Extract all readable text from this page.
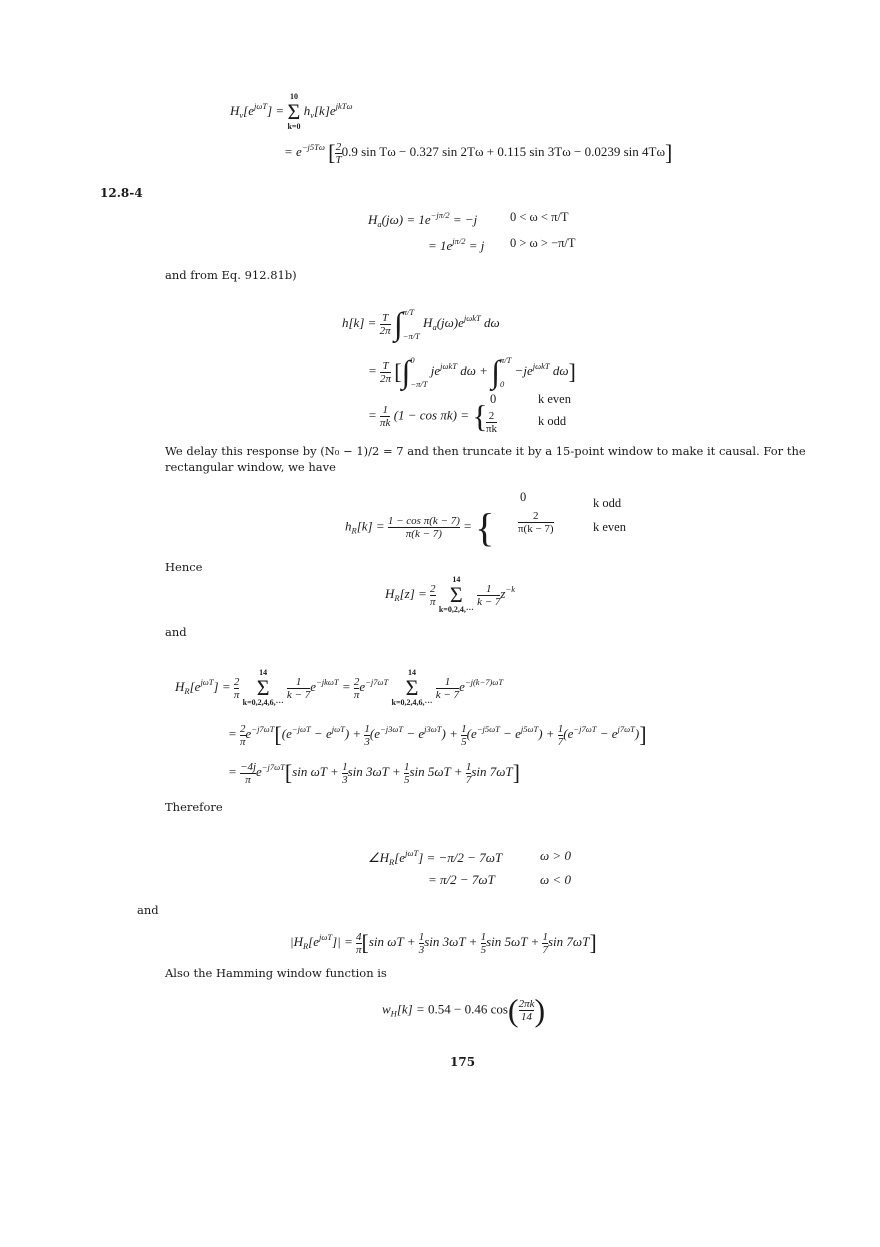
$H_v[e^{j\omega T}]$ =
10
Σ
k=0
$h_v[k]e^{jkT\omega}$
= $e^{-j5T\omega}$ [ $\frac{2}{T} 0.9$ sin Tω − 0.327 sin 2Tω + 0.115 sin 3Tω − 0.0239 sin 4Tω]
12.8-4
$H_a(j\omega) = 1e^{-j\pi/2} = -j$	0 < ω < π/T
= $1e^{j\pi/2} = j$ 0 > ω > −π/T
and from Eq. 912.81b)
$h[k] = \frac{T}{2\pi} \int\pi/T$
−π/T $H_a(j\omega)e^{j\omega kT}$ dω
= $\frac{T}{2\pi} [\int 0$
−π/T $je^{j\omega kT}$ dω + ∫π/T
$0 -je^{j\omega kT}$ dω]
= $\frac{1}{\pi k} (1 - \cos \pi k)$ = { 0	k even
$\frac{2}{\pi k}$	k odd
We delay this response by (N₀ − 1)/2 = 7 and then truncate it by a 15-point window to make it causal. For the
rectangular window, we have
$h_R[k] = \frac{\text{1 − cos π(k − 7)}}{\pi(k - 7)}$ = {
0	k odd
$\frac{2}{\pi(k - 7)}$	k even
Hence
$H_R[z] = \frac{2}{\pi}$

14
Σ
k=0,2,4,···

$\frac{1}{k - 7} z^{-k}$
and
$H_R[e^{j\omega T}] = \frac{2}{\pi}$

14
Σ
k=0,2,4,6,···

$\frac{1}{k - 7} e^{-jk\omega T} = \frac{2}{\pi} e^{-j7\omega T}$
14
Σ
k=0,2,4,6,···

$\frac{1}{k - 7} e^{-j(k-7)\omega T}$
= $\frac{2}{\pi} e^{-j7\omega T}[(e^{-j\omega T} - e^{j\omega T}) + \frac{1}{3} (e^{-j3\omega T} - e^{j3\omega T}) + \frac{1}{5} (e^{-j5\omega T} - e^{j5\omega T}) + \frac{1}{7} (e^{-j7\omega T} - e^{j7\omega T})]$
= $\frac{-4j}{\pi} e^{-j7\omega T}[\sin$ $\omega T + \frac{1}{3}$ $\sin 3\omega T + \frac{1}{5}$ $\sin 5\omega T + \frac{1}{7}$ sin 7ωT]
Therefore
$\angle H_R[e^{j\omega T}] = -\pi/2 - 7\omega T$	ω > 0
= π/2 − 7ωT	ω < 0
and
$|H_R[e^{j\omega T}]| = \frac{4}{\pi} [\sin$ $\omega T + \frac{1}{3}$ $\sin 3\omega T + \frac{1}{5}$ $\sin 5\omega T + \frac{1}{7}$ sin 7ωT]
Also the Hamming window function is
$w_H[k] = 0.54 - 0.46$ $\cos( \frac{2\pi k}{14}$ )
175
